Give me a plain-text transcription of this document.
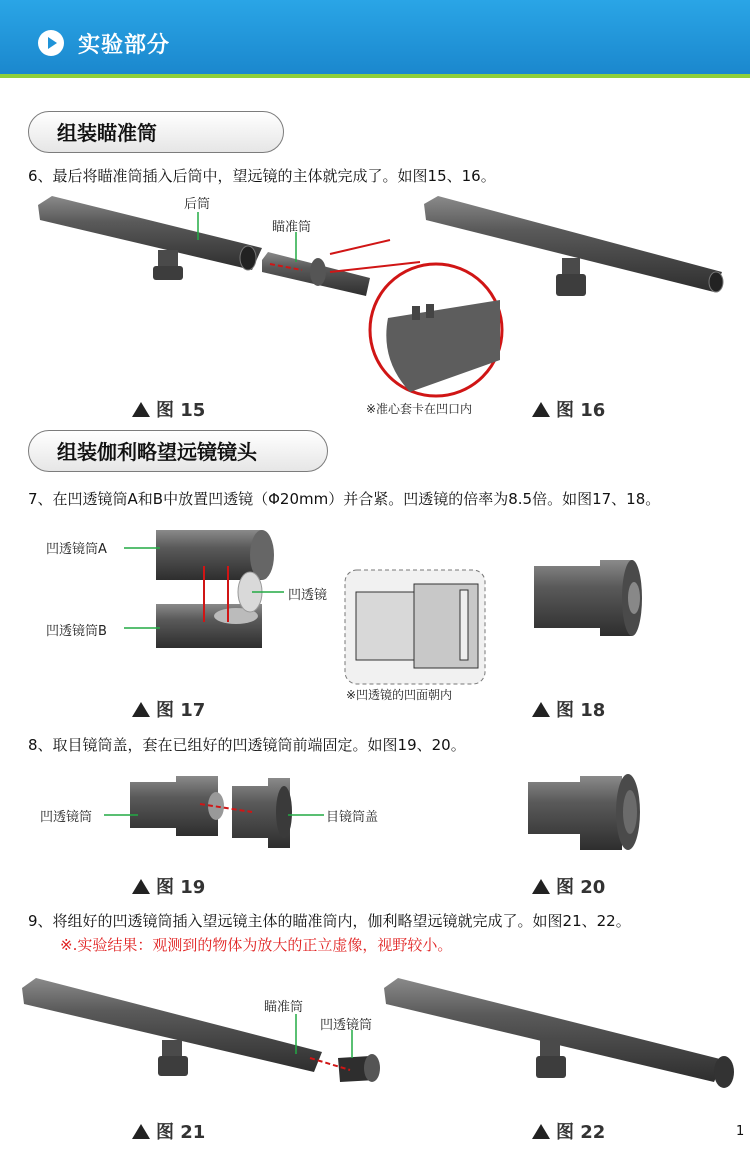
实验部分
组装瞄准筒
6、最后将瞄准筒插入后筒中，望远镜的主体就完成了。如图15、16。
后筒
瞄准筒
※准心套卡在凹口内
图 15	图 16
组装伽利略望远镜镜头
7、在凹透镜筒A和B中放置凹透镜（Φ20mm）并合紧。凹透镜的倍率为8.5倍。如图17、18。
凹透镜筒A
凹透镜筒B
凹透镜
※凹透镜的凹面朝内
图 17	图 18
8、取目镜筒盖，套在已组好的凹透镜筒前端固定。如图19、20。
凹透镜筒	目镜筒盖
图 19	图 20
9、将组好的凹透镜筒插入望远镜主体的瞄准筒内，伽利略望远镜就完成了。如图21、22。
※.实验结果：观测到的物体为放大的正立虚像，视野较小。
瞄准筒
凹透镜筒
图 21	图 22	1
